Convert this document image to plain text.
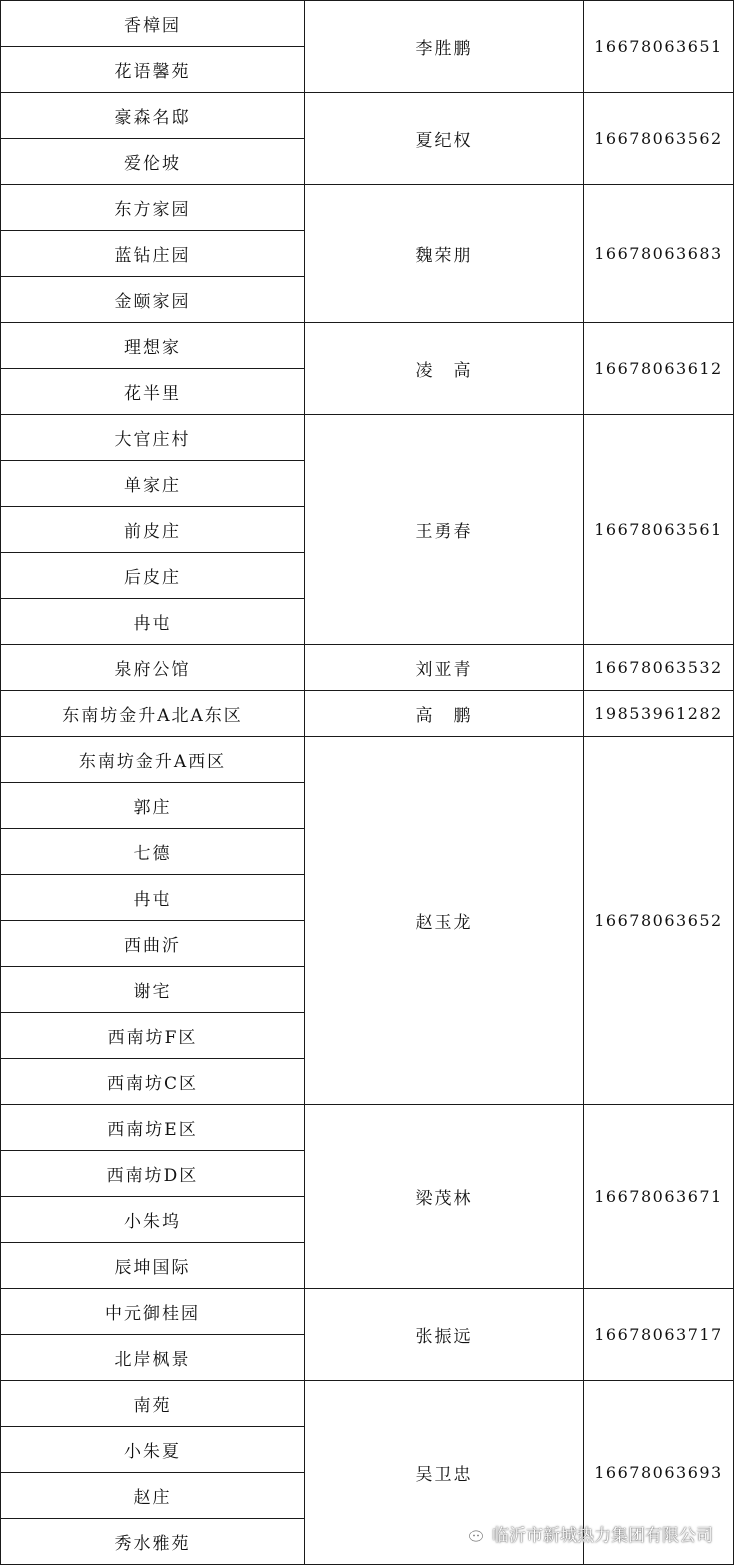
香樟园	李胜鹏	16678063651
花语馨苑		
豪森名邸	夏纪权	16678063562
爱伦坡		
东方家园	魏荣朋	16678063683
蓝钻庄园		
金颐家园		
理想家	凌　高	16678063612
花半里		
大官庄村	王勇春	16678063561
单家庄		
前皮庄		
后皮庄		
冉屯		
泉府公馆	刘亚青	16678063532
东南坊金升A北A东区	高　鹏	19853961282
东南坊金升A西区	赵玉龙	16678063652
郭庄		
七德		
冉屯		
西曲沂		
谢宅		
西南坊F区		
西南坊C区		
西南坊E区	梁茂林	16678063671
西南坊D区		
小朱坞		
辰坤国际		
中元御桂园	张振远	16678063717
北岸枫景		
南苑	吴卫忠	16678063693
小朱夏		
赵庄		
秀水雅苑			临沂市新城热力集团有限公司
